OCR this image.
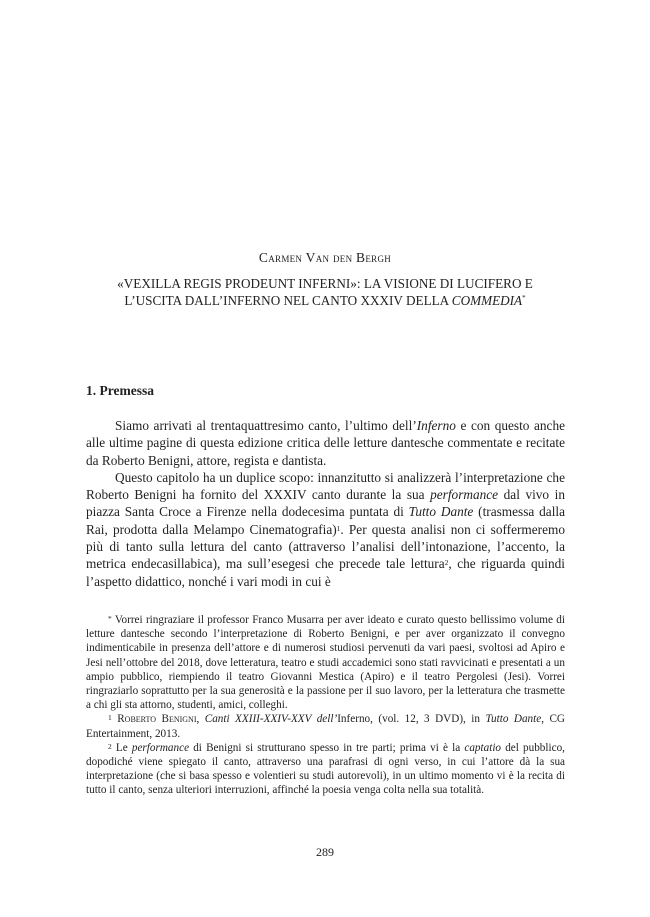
Carmen Van den Bergh
«VEXILLA REGIS PRODEUNT INFERNI»: LA VISIONE DI LUCIFERO E
L’USCITA DALL’INFERNO NEL CANTO XXXIV DELLA COMMEDIA*
1. Premessa

Siamo arrivati al trentaquattresimo canto, l’ultimo dell’Inferno e con questo anche alle ultime pagine di questa edizione critica delle letture dantesche commentate e recitate da Roberto Benigni, attore, regista e dantista.

Questo capitolo ha un duplice scopo: innanzitutto si analizzerà l’interpretazione che Roberto Benigni ha fornito del XXXIV canto durante la sua performance dal vivo in piazza Santa Croce a Firenze nella dodecesima puntata di Tutto Dante (trasmessa dalla Rai, prodotta dalla Melampo Cinematografia)$^1$. Per questa analisi non ci soffermeremo più di tanto sulla lettura del canto (attraverso l’analisi dell’intonazione, l’accento, la metrica endecasillabica), ma sull’esegesi che precede tale lettura$^2$, che riguarda quindi l’aspetto didattico, nonché i vari modi in cui è

* Vorrei ringraziare il professor Franco Musarra per aver ideato e curato questo bellissimo volume di letture dantesche secondo l’interpretazione di Roberto Benigni, e per aver organizzato il convegno indimenticabile in presenza dell’attore e di numerosi studiosi pervenuti da vari paesi, svoltosi ad Apiro e Jesi nell’ottobre del 2018, dove letteratura, teatro e studi accademici sono stati ravvicinati e presentati a un ampio pubblico, riempiendo il teatro Giovanni Mestica (Apiro) e il teatro Pergolesi (Jesi). Vorrei ringraziarlo soprattutto per la sua generosità e la passione per il suo lavoro, per la letteratura che trasmette a chi gli sta attorno, studenti, amici, colleghi.

$^1$ Roberto Benigni, Canti XXIII-XXIV-XXV dell’Inferno, (vol. 12, 3 DVD), in Tutto Dante, CG Entertainment, 2013.

$^2$ Le performance di Benigni si strutturano spesso in tre parti; prima vi è la captatio del pubblico, dopodiché viene spiegato il canto, attraverso una parafrasi di ogni verso, in cui l’attore dà la sua interpretazione (che si basa spesso e volentieri su studi autorevoli), in un ultimo momento vi è la recita di tutto il canto, senza ulteriori interruzioni, affinché la poesia venga colta nella sua totalità.

289
